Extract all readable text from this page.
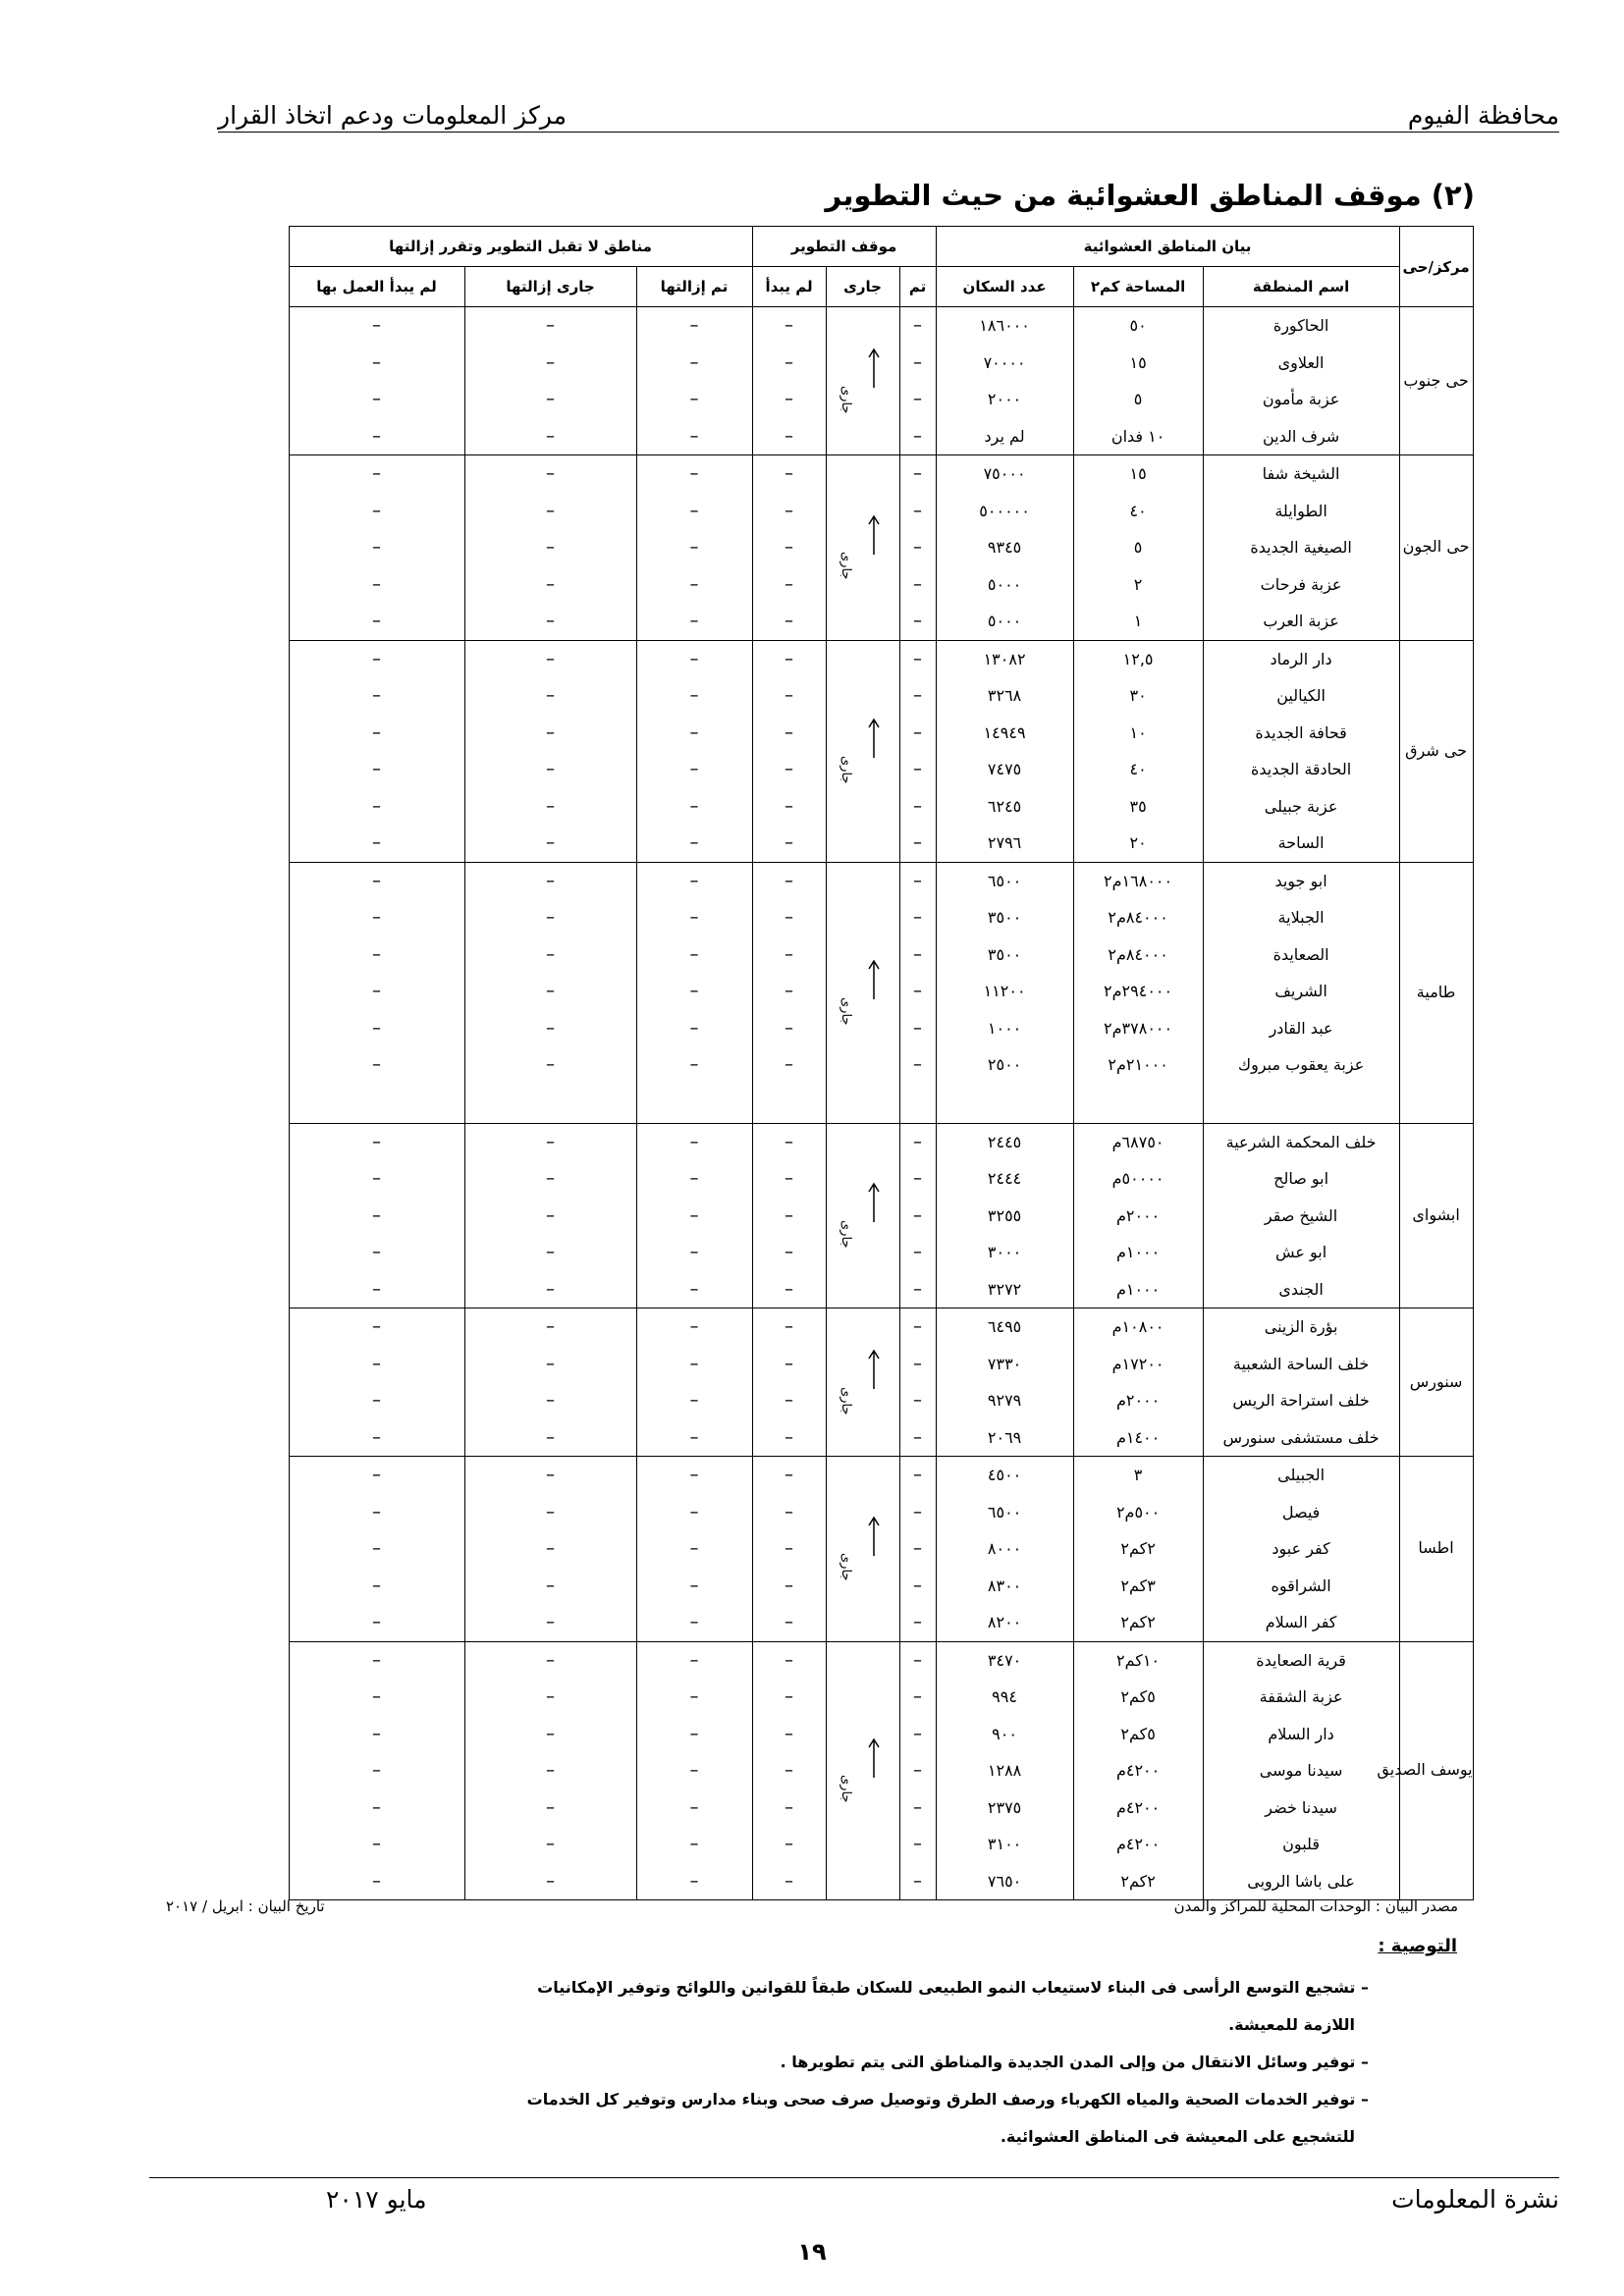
محافظة الفيوم
مركز المعلومات ودعم اتخاذ القرار
(٢) موقف المناطق العشوائية من حيث التطوير
مركز/حى	بيان المناطق العشوائية			موقف التطوير			مناطق لا تقبل التطوير وتقرر إزالتها			
	اسم المنطقة	المساحة كم٢	عدد السكان	تم	جارى	لم يبدأ	تم إزالتها	جارى إزالتها	لم يبدأ العمل بها	
حى جنوب	الحاكورة	٥٠	١٨٦٠٠٠	–	جارى	–	–	–	–	
	العلاوى	١٥	٧٠٠٠٠	–		–	–	–	–	
	عزبة مأمون	٥	٢٠٠٠	–		–	–	–	–	
	شرف الدين	١٠ فدان	لم يرد	–		–	–	–	–	
حى الجون	الشيخة شفا	١٥	٧٥٠٠٠	–	جارى	–	–	–	–	
	الطوايلة	٤٠	٥٠٠٠٠٠	–		–	–	–	–	
	الصيغية الجديدة	٥	٩٣٤٥	–		–	–	–	–	
	عزبة فرحات	٢	٥٠٠٠	–		–	–	–	–	
	عزبة العرب	١	٥٠٠٠	–		–	–	–	–	
حى شرق	دار الرماد	١٢,٥	١٣٠٨٢	–	جارى	–	–	–	–	
	الكيالين	٣٠	٣٢٦٨	–		–	–	–	–	
	قحافة الجديدة	١٠	١٤٩٤٩	–		–	–	–	–	
	الحادقة الجديدة	٤٠	٧٤٧٥	–		–	–	–	–	
	عزبة جبيلى	٣٥	٦٢٤٥	–		–	–	–	–	
	الساحة	٢٠	٢٧٩٦	–		–	–	–	–	
طامية	ابو جويد	١٦٨٠٠٠م٢	٦٥٠٠	–	جارى	–	–	–	–	
	الجبلاية	٨٤٠٠٠م٢	٣٥٠٠	–		–	–	–	–	
	الصعايدة	٨٤٠٠٠م٢	٣٥٠٠	–		–	–	–	–	
	الشريف	٢٩٤٠٠٠م٢	١١٢٠٠	–		–	–	–	–	
	عبد القادر	٣٧٨٠٠٠م٢	١٠٠٠	–		–	–	–	–	
	عزبة يعقوب مبروك	٢١٠٠٠م٢	٢٥٠٠	–		–	–	–	–	

ابشواى	خلف المحكمة الشرعية	٦٨٧٥٠م	٢٤٤٥	–	جارى	–	–	–	–	
	ابو صالح	٥٠٠٠٠م	٢٤٤٤	–		–	–	–	–	
	الشيخ صقر	٢٠٠٠م	٣٢٥٥	–		–	–	–	–	
	ابو عش	١٠٠٠م	٣٠٠٠	–		–	–	–	–	
	الجندى	١٠٠٠م	٣٢٧٢	–		–	–	–	–	
سنورس	بؤرة الزينى	١٠٨٠٠م	٦٤٩٥	–	جارى	–	–	–	–	
	خلف الساحة الشعبية	١٧٢٠٠م	٧٣٣٠	–		–	–	–	–	
	خلف استراحة الريس	٢٠٠٠م	٩٢٧٩	–		–	–	–	–	
	خلف مستشفى سنورس	١٤٠٠م	٢٠٦٩	–		–	–	–	–	
اطسا	الجبيلى	٣	٤٥٠٠	–	جارى	–	–	–	–	
	فيصل	٥٠٠م٢	٦٥٠٠	–		–	–	–	–	
	كفر عبود	٢كم٢	٨٠٠٠	–		–	–	–	–	
	الشراقوه	٣كم٢	٨٣٠٠	–		–	–	–	–	
	كفر السلام	٢كم٢	٨٢٠٠	–		–	–	–	–	
يوسف الصديق	قرية الصعايدة	١٠كم٢	٣٤٧٠	–	جارى	–	–	–	–	
	عزبة الشقفة	٥كم٢	٩٩٤	–		–	–	–	–	
	دار السلام	٥كم٢	٩٠٠	–		–	–	–	–	
	سيدنا موسى	٤٢٠٠م	١٢٨٨	–		–	–	–	–	
	سيدنا خضر	٤٢٠٠م	٢٣٧٥	–		–	–	–	–	
	قلبون	٤٢٠٠م	٣١٠٠	–		–	–	–	–	
	على باشا الروبى	٢كم٢	٧٦٥٠	–		–	–	–	–	
مصدر البيان : الوحدات المحلية للمراكز والمدن
تاريخ البيان : ابريل / ٢٠١٧
التوصية :

– تشجيع التوسع الرأسى فى البناء لاستيعاب النمو الطبيعى للسكان طبقاً للقوانين واللوائح وتوفير الإمكانيات

اللازمة للمعيشة.

– توفير وسائل الانتقال من وإلى المدن الجديدة والمناطق التى يتم تطويرها .

– توفير الخدمات الصحية والمياه الكهرباء ورصف الطرق وتوصيل صرف صحى وبناء مدارس وتوفير كل الخدمات

للتشجيع على المعيشة فى المناطق العشوائية.

نشرة المعلومات
مايو ٢٠١٧
١٩
